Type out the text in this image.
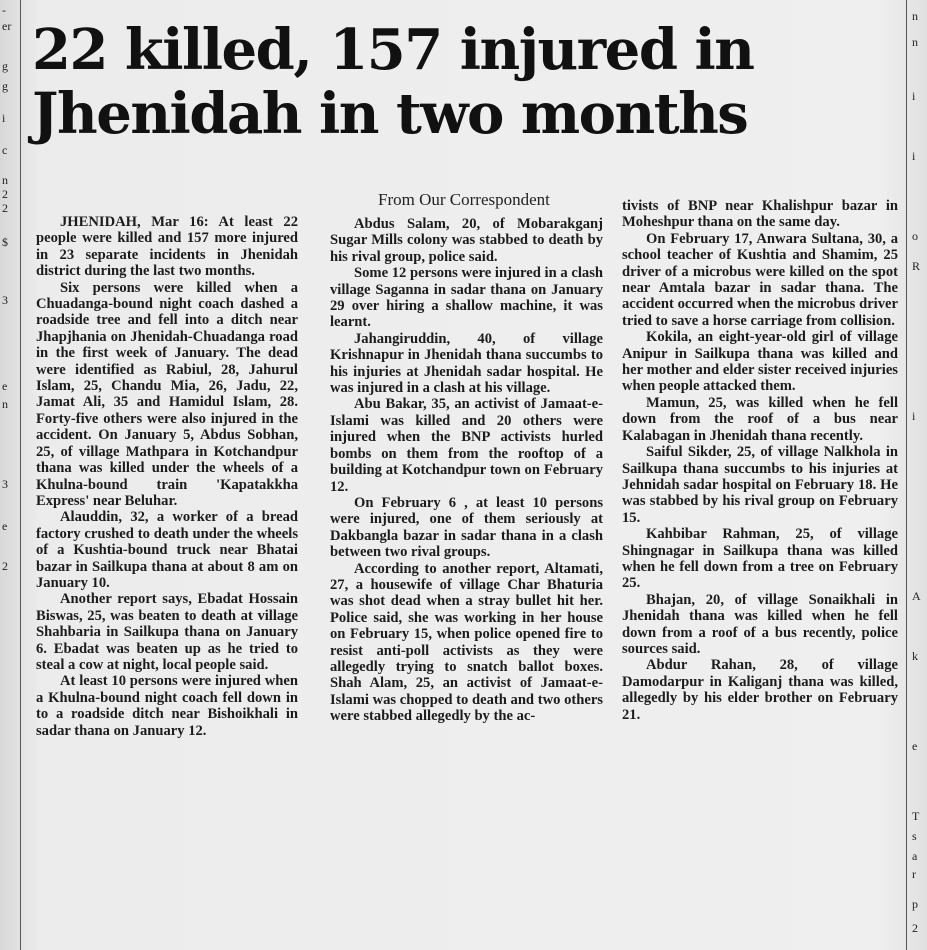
-
er
g
g
i
c
n
2
2
$
3
e
n
3
e
2
n
n
i
i
o
R
i
A
k
e
T
s
a
r
p
2
22 killed, 157 injured in
Jhenidah in two months
From Our Correspondent

JHENIDAH, Mar 16: At least 22 people were killed and 157 more injured in 23 separate incidents in Jhenidah district during the last two months.

Six persons were killed when a Chuadanga-bound night coach dashed a roadside tree and fell into a ditch near Jhapjhania on Jhenidah-Chuadanga road in the first week of January. The dead were identified as Rabiul, 28, Jahurul Islam, 25, Chandu Mia, 26, Jadu, 22, Jamat Ali, 35 and Hamidul Islam, 28. Forty-five others were also injured in the accident. On January 5, Abdus Sobhan, 25, of village Mathpara in Kotchandpur thana was killed under the wheels of a Khulna-bound train 'Kapatakkha Express' near Beluhar.

Alauddin, 32, a worker of a bread factory crushed to death under the wheels of a Kushtia-bound truck near Bhatai bazar in Sailkupa thana at about 8 am on January 10.

Another report says, Ebadat Hossain Biswas, 25, was beaten to death at village Shahbaria in Sailkupa thana on January 6. Ebadat was beaten up as he tried to steal a cow at night, local people said.

At least 10 persons were injured when a Khulna-bound night coach fell down in to a roadside ditch near Bishoikhali in sadar thana on January 12.

Abdus Salam, 20, of Mobarakganj Sugar Mills colony was stabbed to death by his rival group, police said.

Some 12 persons were injured in a clash village Saganna in sadar thana on January 29 over hiring a shallow machine, it was learnt.

Jahangiruddin, 40, of village Krishnapur in Jhenidah thana succumbs to his injuries at Jhenidah sadar hospital. He was injured in a clash at his village.

Abu Bakar, 35, an activist of Jamaat-e-Islami was killed and 20 others were injured when the BNP activists hurled bombs on them from the rooftop of a building at Kotchandpur town on February 12.

On February 6 , at least 10 persons were injured, one of them seriously at Dakbangla bazar in sadar thana in a clash between two rival groups.

According to another report, Altamati, 27, a housewife of village Char Bhaturia was shot dead when a stray bullet hit her. Police said, she was working in her house on February 15, when police opened fire to resist anti-poll activists as they were allegedly trying to snatch ballot boxes. Shah Alam, 25, an activist of Jamaat-e-Islami was chopped to death and two others were stabbed allegedly by the ac-

tivists of BNP near Khalishpur bazar in Moheshpur thana on the same day.

On February 17, Anwara Sultana, 30, a school teacher of Kushtia and Shamim, 25 driver of a microbus were killed on the spot near Amtala bazar in sadar thana. The accident occurred when the microbus driver tried to save a horse carriage from collision.

Kokila, an eight-year-old girl of village Anipur in Sailkupa thana was killed and her mother and elder sister received injuries when people attacked them.

Mamun, 25, was killed when he fell down from the roof of a bus near Kalabagan in Jhenidah thana recently.

Saiful Sikder, 25, of village Nalkhola in Sailkupa thana succumbs to his injuries at Jehnidah sadar hospital on February 18. He was stabbed by his rival group on February 15.

Kahbibar Rahman, 25, of village Shingnagar in Sailkupa thana was killed when he fell down from a tree on February 25.

Bhajan, 20, of village Sonaikhali in Jhenidah thana was killed when he fell down from a roof of a bus recently, police sources said.

Abdur Rahan, 28, of village Damodarpur in Kaliganj thana was killed, allegedly by his elder brother on February 21.
